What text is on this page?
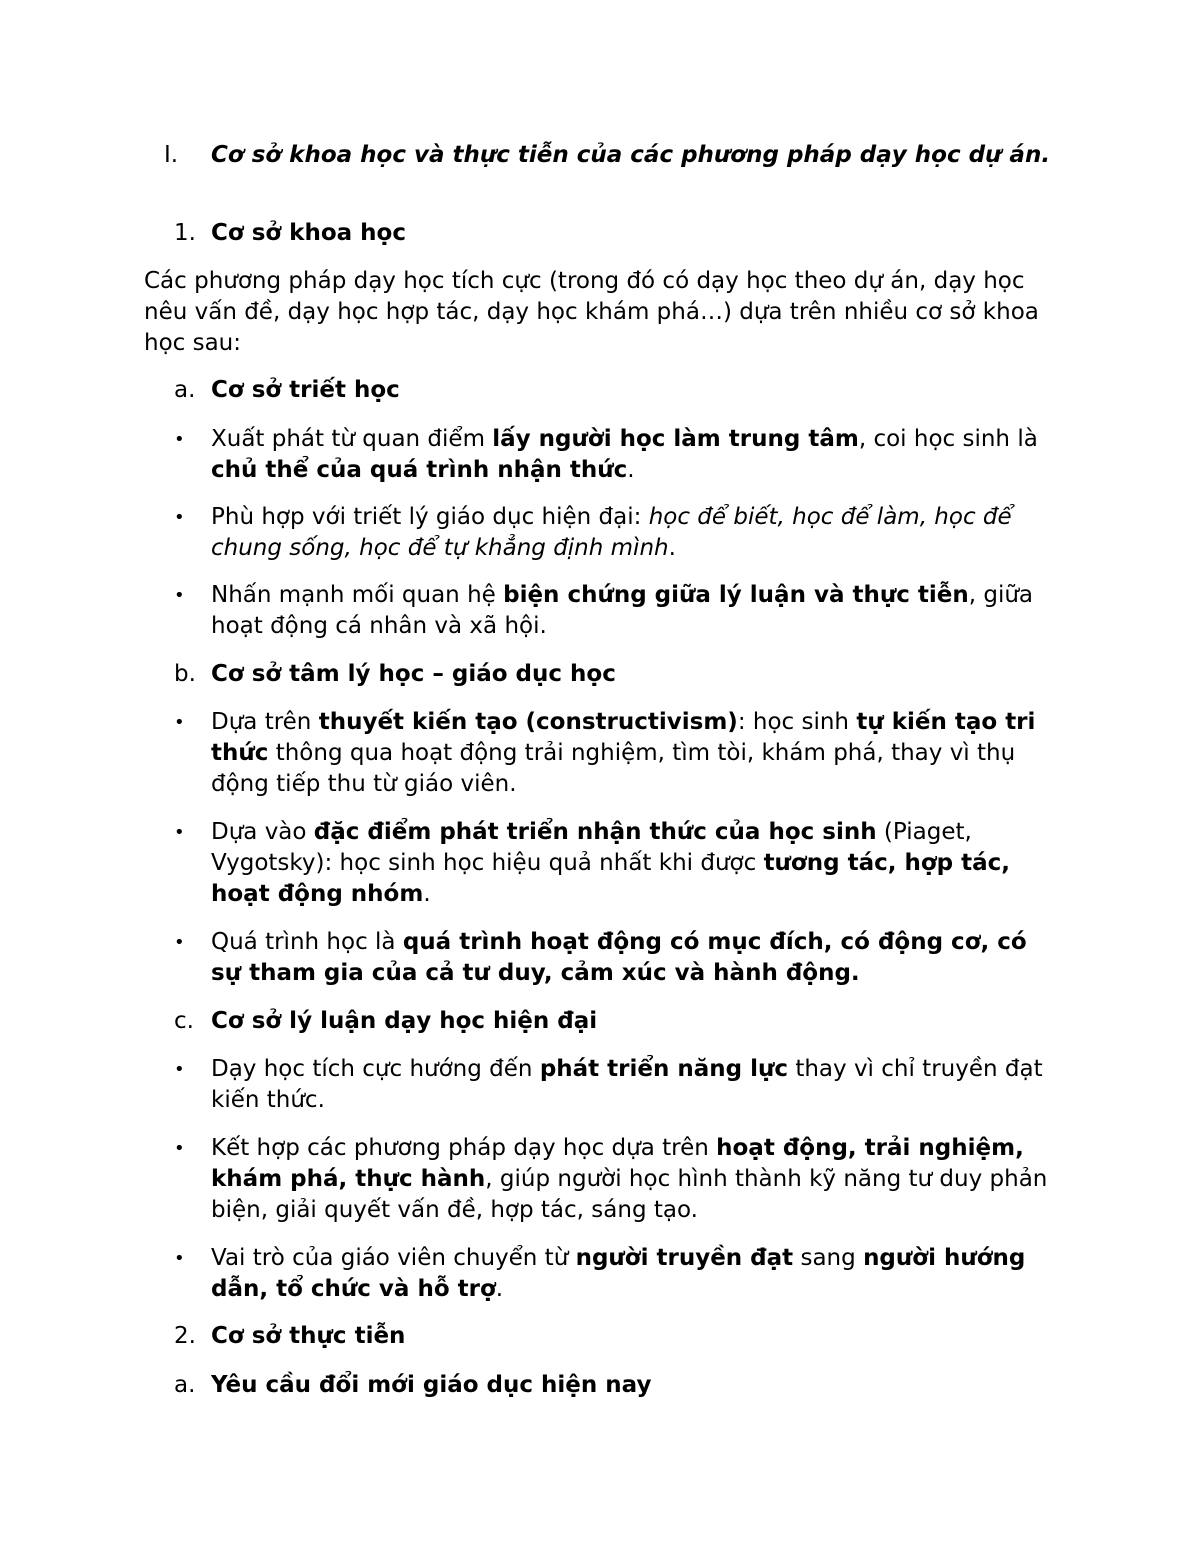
I.	Cơ sở khoa học và thực tiễn của các phương pháp dạy học dự án.
1. Cơ sở khoa học
Các phương pháp dạy học tích cực (trong đó có dạy học theo dự án, dạy học nêu vấn đề, dạy học hợp tác, dạy học khám phá…) dựa trên nhiều cơ sở khoa học sau:
a. Cơ sở triết học
• Xuất phát từ quan điểm lấy người học làm trung tâm, coi học sinh là chủ thể của quá trình nhận thức.
• Phù hợp với triết lý giáo dục hiện đại: học để biết, học để làm, học để chung sống, học để tự khẳng định mình.
• Nhấn mạnh mối quan hệ biện chứng giữa lý luận và thực tiễn, giữa hoạt động cá nhân và xã hội.
b. Cơ sở tâm lý học – giáo dục học
• Dựa trên thuyết kiến tạo (constructivism): học sinh tự kiến tạo tri thức thông qua hoạt động trải nghiệm, tìm tòi, khám phá, thay vì thụ động tiếp thu từ giáo viên.
• Dựa vào đặc điểm phát triển nhận thức của học sinh (Piaget, Vygotsky): học sinh học hiệu quả nhất khi được tương tác, hợp tác, hoạt động nhóm.
• Quá trình học là quá trình hoạt động có mục đích, có động cơ, có sự tham gia của cả tư duy, cảm xúc và hành động.
c. Cơ sở lý luận dạy học hiện đại
• Dạy học tích cực hướng đến phát triển năng lực thay vì chỉ truyền đạt kiến thức.
• Kết hợp các phương pháp dạy học dựa trên hoạt động, trải nghiệm, khám phá, thực hành, giúp người học hình thành kỹ năng tư duy phản biện, giải quyết vấn đề, hợp tác, sáng tạo.
• Vai trò của giáo viên chuyển từ người truyền đạt sang người hướng dẫn, tổ chức và hỗ trợ.
2. Cơ sở thực tiễn
a. Yêu cầu đổi mới giáo dục hiện nay
